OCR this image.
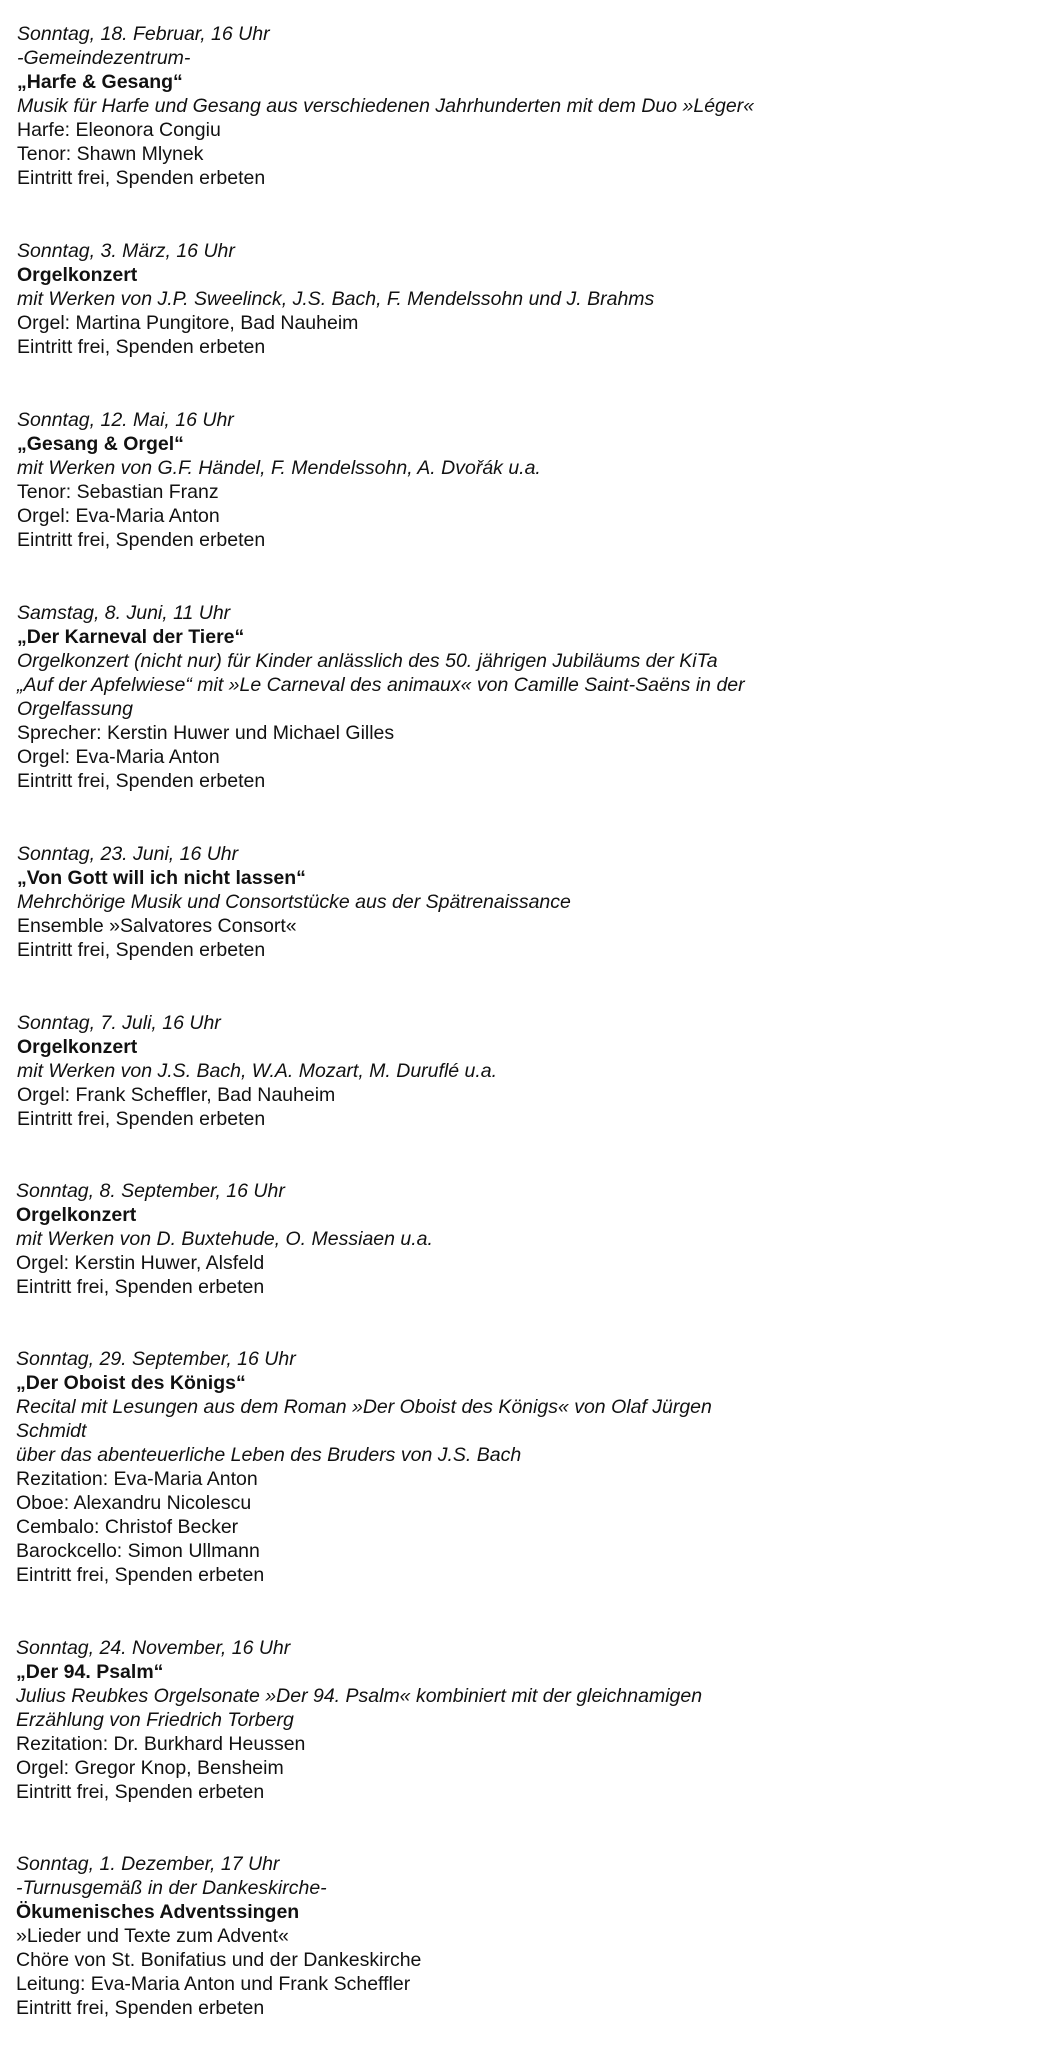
Sonntag, 18. Februar, 16 Uhr
-Gemeindezentrum-
„Harfe & Gesang“
Musik für Harfe und Gesang aus verschiedenen Jahrhunderten mit dem Duo »Léger«
Harfe: Eleonora Congiu
Tenor: Shawn Mlynek
Eintritt frei, Spenden erbeten
Sonntag, 3. März, 16 Uhr
Orgelkonzert
mit Werken von J.P. Sweelinck, J.S. Bach, F. Mendelssohn und J. Brahms
Orgel: Martina Pungitore, Bad Nauheim
Eintritt frei, Spenden erbeten
Sonntag, 12. Mai, 16 Uhr
„Gesang & Orgel“
mit Werken von G.F. Händel, F. Mendelssohn, A. Dvořák u.a.
Tenor: Sebastian Franz
Orgel: Eva-Maria Anton
Eintritt frei, Spenden erbeten
Samstag, 8. Juni, 11 Uhr
„Der Karneval der Tiere“
Orgelkonzert (nicht nur) für Kinder anlässlich des 50. jährigen Jubiläums der KiTa
„Auf der Apfelwiese“ mit »Le Carneval des animaux« von Camille Saint-Saëns in der
Orgelfassung
Sprecher: Kerstin Huwer und Michael Gilles
Orgel: Eva-Maria Anton
Eintritt frei, Spenden erbeten
Sonntag, 23. Juni, 16 Uhr
„Von Gott will ich nicht lassen“
Mehrchörige Musik und Consortstücke aus der Spätrenaissance
Ensemble »Salvatores Consort«
Eintritt frei, Spenden erbeten
Sonntag, 7. Juli, 16 Uhr
Orgelkonzert
mit Werken von J.S. Bach, W.A. Mozart, M. Duruflé u.a.
Orgel: Frank Scheffler, Bad Nauheim
Eintritt frei, Spenden erbeten
Sonntag, 8. September, 16 Uhr
Orgelkonzert
mit Werken von D. Buxtehude, O. Messiaen u.a.
Orgel: Kerstin Huwer, Alsfeld
Eintritt frei, Spenden erbeten
Sonntag, 29. September, 16 Uhr
„Der Oboist des Königs“
Recital mit Lesungen aus dem Roman »Der Oboist des Königs« von Olaf Jürgen
Schmidt
über das abenteuerliche Leben des Bruders von J.S. Bach
Rezitation: Eva-Maria Anton
Oboe: Alexandru Nicolescu
Cembalo: Christof Becker
Barockcello: Simon Ullmann
Eintritt frei, Spenden erbeten
Sonntag, 24. November, 16 Uhr
„Der 94. Psalm“
Julius Reubkes Orgelsonate »Der 94. Psalm« kombiniert mit der gleichnamigen
Erzählung von Friedrich Torberg
Rezitation: Dr. Burkhard Heussen
Orgel: Gregor Knop, Bensheim
Eintritt frei, Spenden erbeten
Sonntag, 1. Dezember, 17 Uhr
-Turnusgemäß in der Dankeskirche-
Ökumenisches Adventssingen
»Lieder und Texte zum Advent«
Chöre von St. Bonifatius und der Dankeskirche
Leitung: Eva-Maria Anton und Frank Scheffler
Eintritt frei, Spenden erbeten
